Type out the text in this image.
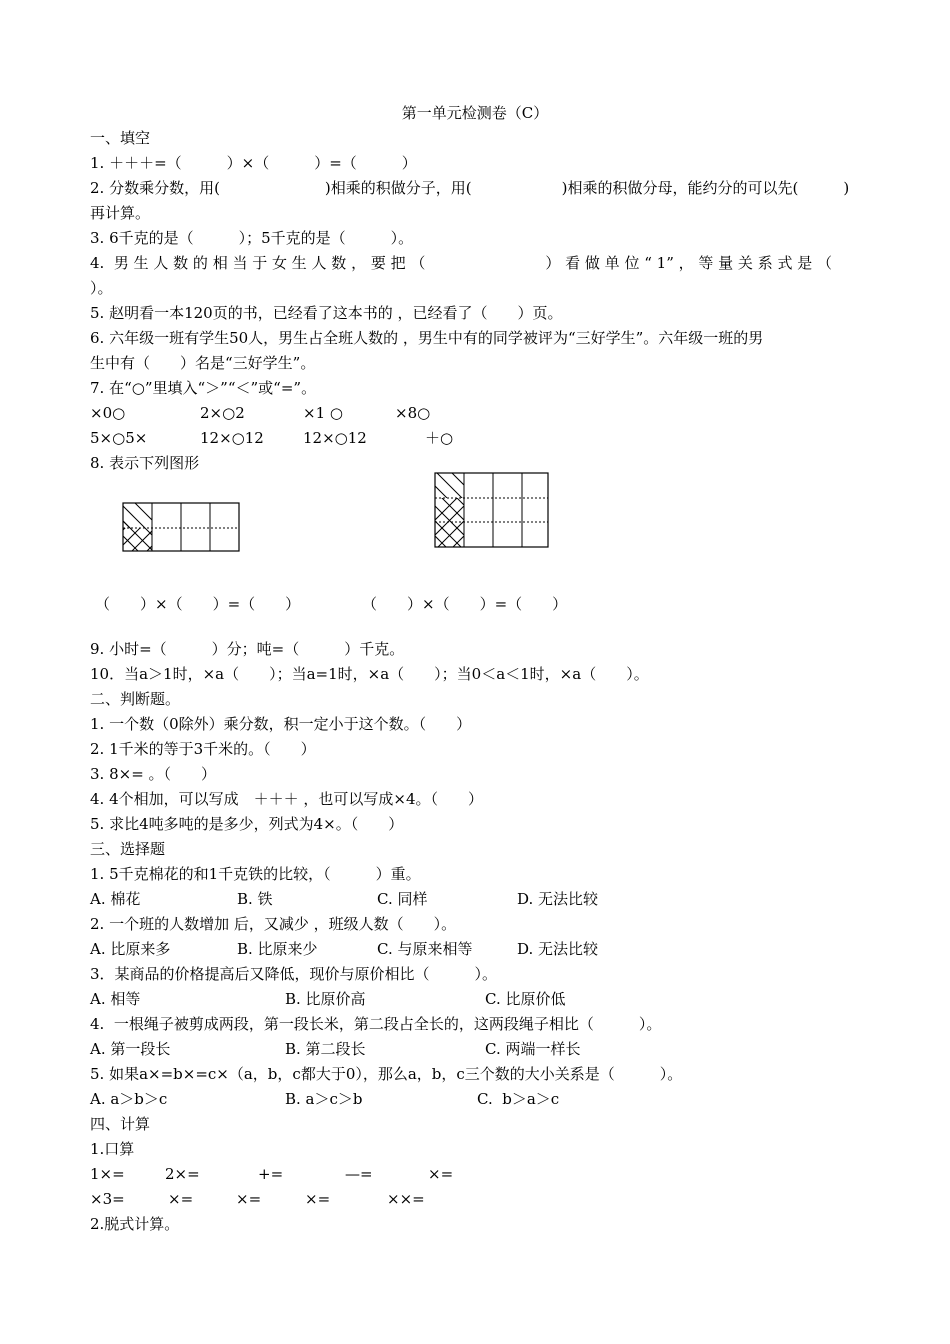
第一单元检测卷（C）
一、填空
1. ＋＋＋=（　　　）×（　　　）=（　　　）
2. 分数乘分数，用(　　　　　　　)相乘的积做分子，用(　　　　　　)相乘的积做分母，能约分的可以先(　　　)
再计算。
3. 6千克的是（　　　）；5千克的是（　　　）。
4.  男 生 人 数 的 相 当 于 女 生 人 数 ， 要 把 （　　　　　　　　） 看 做 单 位 “ 1” ， 等 量 关 系 式 是 （
）。
5. 赵明看一本120页的书，已经看了这本书的 ，已经看了（　　）页。
6. 六年级一班有学生50人，男生占全班人数的 ，男生中有的同学被评为“三好学生”。六年级一班的男
生中有（　　）名是“三好学生”。
7. 在“○”里填入“＞”“＜”或“=”。
×0○	2×○2	×1 ○	×8○
5×○5×	12×○12	12×○12	＋○
8. 表示下列图形
（　　）×（　　）=（　　）	（　　）×（　　）=（　　）
9. 小时=（　　　）分；吨=（　　　）千克。
10．当a＞1时，×a（　　）；当a=1时，×a（　　）；当0＜a＜1时，×a（　　）。
二、判断题。
1. 一个数（0除外）乘分数，积一定小于这个数。（　　）
2. 1千米的等于3千米的。（　　）
3. 8×= 。（　　）
4. 4个相加，可以写成　＋＋＋ ，也可以写成×4。（　　）
5. 求比4吨多吨的是多少，列式为4×。（　　）
三、选择题
1. 5千克棉花的和1千克铁的比较，（　　　）重。
A. 棉花	B. 铁	C. 同样	D. 无法比较
2. 一个班的人数增加 后，又减少 ，班级人数（　　）。
A. 比原来多	B. 比原来少	C. 与原来相等	D. 无法比较
3．某商品的价格提高后又降低，现价与原价相比（　　　）。
A. 相等	B. 比原价高	C. 比原价低
4.  一根绳子被剪成两段，第一段长米，第二段占全长的，这两段绳子相比（　　　）。
A. 第一段长	B. 第二段长	C. 两端一样长
5. 如果a×=b×=c×（a，b，c都大于0），那么a，b，c三个数的大小关系是（　　　）。
A. a＞b＞c	B. a＞c＞b	C.  b＞a＞c
四、计算
1.口算
1×=	2×=	+=	—=	×=
×3=	×=	×=	×=	××=
2.脱式计算。
